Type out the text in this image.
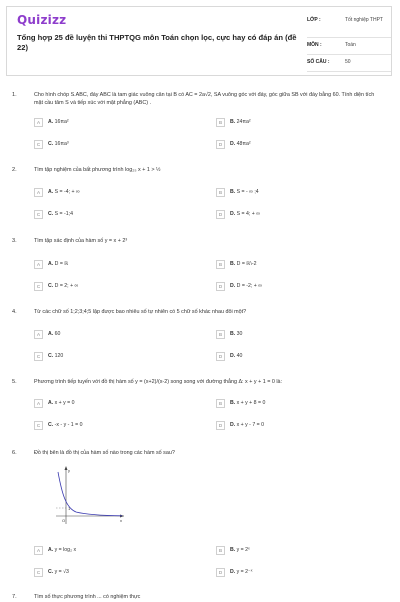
Quizizz
Tổng hợp 25 đề luyện thi THPTQG môn Toán chọn lọc, cực hay có đáp án (đề 22)
LỚP :	Tốt nghiệp THPT
MÔN :	Toán
SỐ CÂU :	50
1.	Cho hình chóp S.ABC, đáy ABC là tam giác vuông cân tại B có AC = 2a√2, SA vuông góc với đáy, góc giữa SB với đáy bằng 60. Tính diện tích mặt cầu tâm S và tiếp xúc với mặt phẳng (ABC) .
A	A. 16πa²	B	B. 24πa²
C	C. 16πa³	D	D. 48πa²
2.	Tìm tập nghiệm của bất phương trình log₂₅ x + 1 > ½
A	A. S = -4; + ∞	B	B. S = - ∞ ;4
C	C. S = -1;4	D	D. S = 4; + ∞
3.	Tìm tập xác định của hàm số y = x + 2³
A	A. D = ℝ	B	B. D = ℝ\-2
C	C. D = 2; + ∞	D	D. D = -2; + ∞
4.	Từ các chữ số 1;2;3;4;5 lập được bao nhiêu số tự nhiên có 5 chữ số khác nhau đôi một?
A	A. 60	B	B. 30
C	C. 120	D	D. 40
5.	Phương trình tiếp tuyến với đồ thị hàm số y = (x+2)/(x-2) song song với đường thẳng Δ: x + y + 1 = 0 là:
A	A. x + y = 0	B	B. x + y + 8 = 0
C	C. -x - y - 1 = 0	D	D. x + y - 7 = 0
6.	Đồ thị bên là đồ thị của hàm số nào trong các hàm số sau?
y
x
O
1
A	A. y = log₂ x	B	B. y = 2ˣ
C	C. y = √3	D	D. y = 2⁻ˣ
7.	Tìm số thực phương trình ... có nghiệm thực
